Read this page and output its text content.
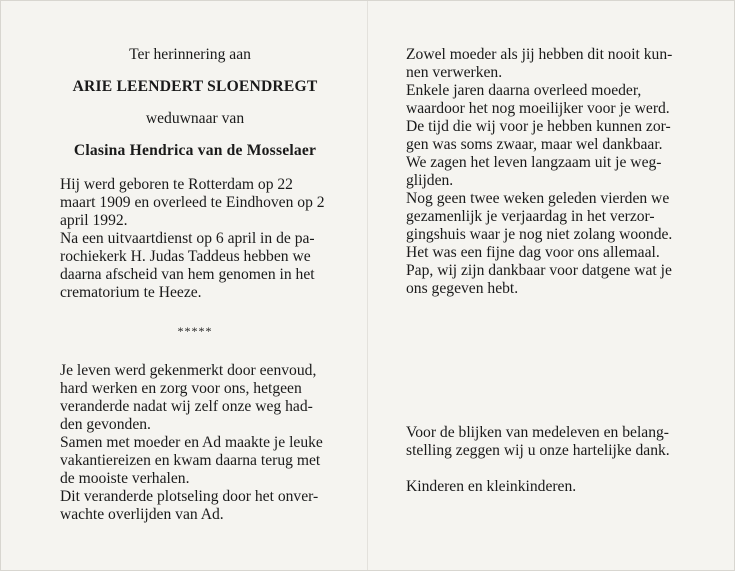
Ter herinnering aan
ARIE LEENDERT SLOENDREGT
weduwnaar van
Clasina Hendrica van de Mosselaer
Hij werd geboren te Rotterdam op 22
maart 1909 en overleed te Eindhoven op 2
april 1992.
Na een uitvaartdienst op 6 april in de pa-
rochiekerk H. Judas Taddeus hebben we
daarna afscheid van hem genomen in het
crematorium te Heeze.
*****
Je leven werd gekenmerkt door eenvoud,
hard werken en zorg voor ons, hetgeen
veranderde nadat wij zelf onze weg had-
den gevonden.
Samen met moeder en Ad maakte je leuke
vakantiereizen en kwam daarna terug met
de mooiste verhalen.
Dit veranderde plotseling door het onver-
wachte overlijden van Ad.
Zowel moeder als jij hebben dit nooit kun-
nen verwerken.
Enkele jaren daarna overleed moeder,
waardoor het nog moeilijker voor je werd.
De tijd die wij voor je hebben kunnen zor-
gen was soms zwaar, maar wel dankbaar.
We zagen het leven langzaam uit je weg-
glijden.
Nog geen twee weken geleden vierden we
gezamenlijk je verjaardag in het verzor-
gingshuis waar je nog niet zolang woonde.
Het was een fijne dag voor ons allemaal.
Pap, wij zijn dankbaar voor datgene wat je
ons gegeven hebt.
Voor de blijken van medeleven en belang-
stelling zeggen wij u onze hartelijke dank.
Kinderen en kleinkinderen.
